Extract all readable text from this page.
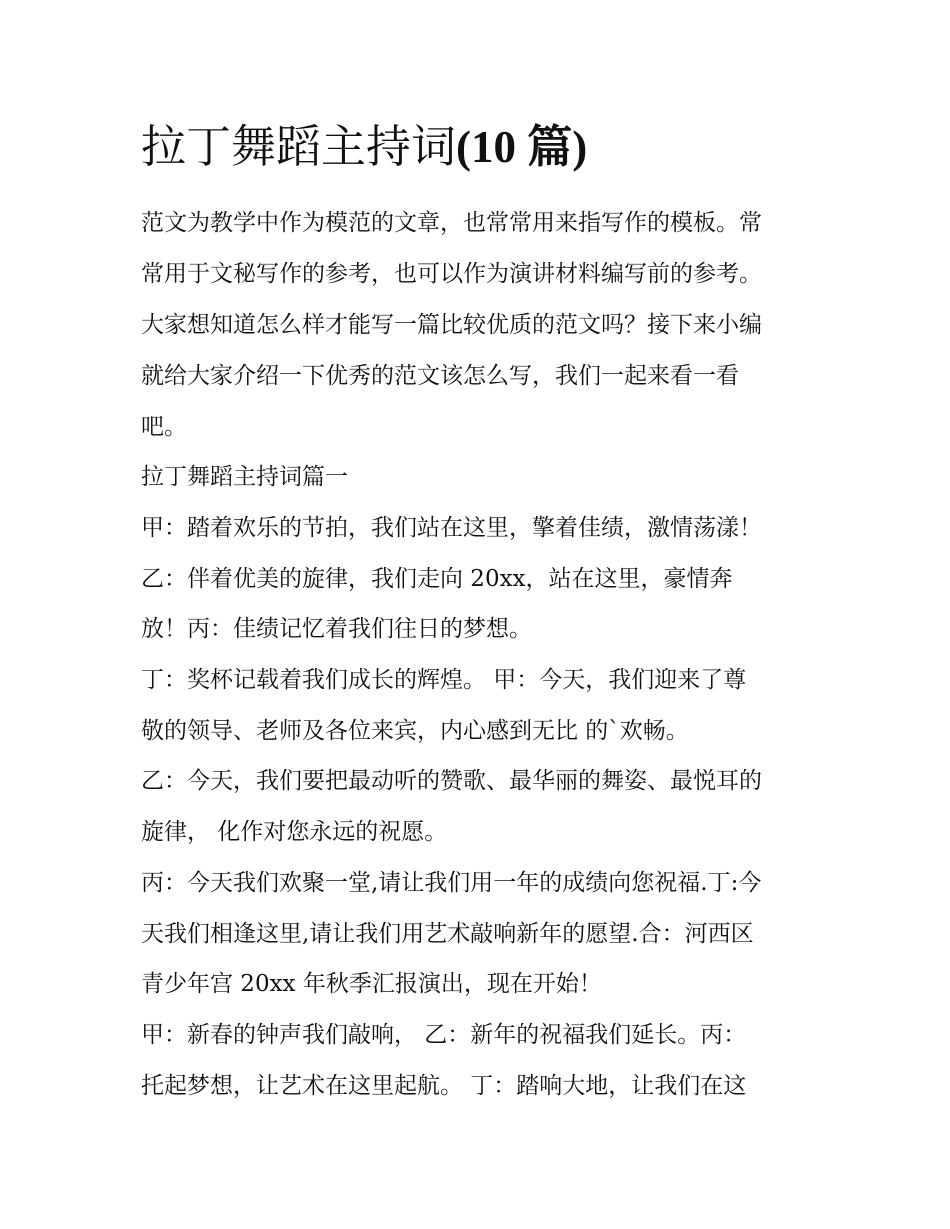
拉丁舞蹈主持词(10 篇)

范文为教学中作为模范的文章，也常常用来指写作的模板。常

常用于文秘写作的参考，也可以作为演讲材料编写前的参考。

大家想知道怎么样才能写一篇比较优质的范文吗？接下来小编

就给大家介绍一下优秀的范文该怎么写，我们一起来看一看

吧。

拉丁舞蹈主持词篇一

甲：踏着欢乐的节拍，我们站在这里，擎着佳绩，激情荡漾！

乙：伴着优美的旋律，我们走向 20xx，站在这里，豪情奔

放！丙：佳绩记忆着我们往日的梦想。

丁：奖杯记载着我们成长的辉煌。 甲：今天，我们迎来了尊

敬的领导、老师及各位来宾，内心感到无比 的`欢畅。

乙：今天，我们要把最动听的赞歌、最华丽的舞姿、最悦耳的

旋律， 化作对您永远的祝愿。

丙：今天我们欢聚一堂,请让我们用一年的成绩向您祝福.丁:今

天我们相逢这里,请让我们用艺术敲响新年的愿望.合：河西区

青少年宫 20xx 年秋季汇报演出，现在开始！

甲：新春的钟声我们敲响， 乙：新年的祝福我们延长。丙：

托起梦想，让艺术在这里起航。 丁：踏响大地，让我们在这
